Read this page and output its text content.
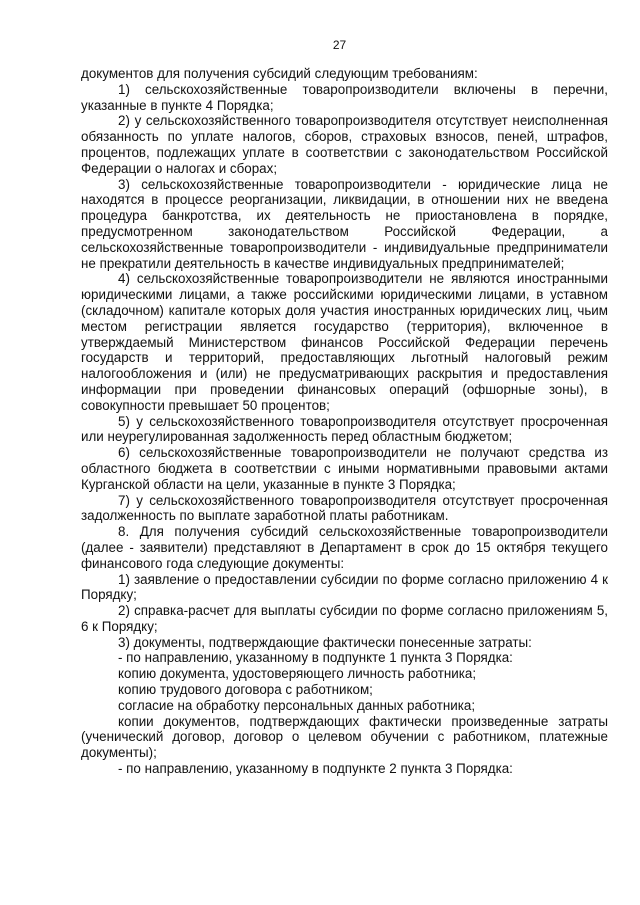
27

документов для получения субсидий следующим требованиям:

1) сельскохозяйственные товаропроизводители включены в перечни, указанные в пункте 4 Порядка;

2) у сельскохозяйственного товаропроизводителя отсутствует неисполненная обязанность по уплате налогов, сборов, страховых взносов, пеней, штрафов, процентов, подлежащих уплате в соответствии с законодательством Российской Федерации о налогах и сборах;

3) сельскохозяйственные товаропроизводители - юридические лица не находятся в процессе реорганизации, ликвидации, в отношении них не введена процедура банкротства, их деятельность не приостановлена в порядке, предусмотренном законодательством Российской Федерации, а сельскохозяйственные товаропроизводители - индивидуальные предприниматели не прекратили деятельность в качестве индивидуальных предпринимателей;

4) сельскохозяйственные товаропроизводители не являются иностранными юридическими лицами, а также российскими юридическими лицами, в уставном (складочном) капитале которых доля участия иностранных юридических лиц, чьим местом регистрации является государство (территория), включенное в утверждаемый Министерством финансов Российской Федерации перечень государств и территорий, предоставляющих льготный налоговый режим налогообложения и (или) не предусматривающих раскрытия и предоставления информации при проведении финансовых операций (офшорные зоны), в совокупности превышает 50 процентов;

5) у сельскохозяйственного товаропроизводителя отсутствует просроченная или неурегулированная задолженность перед областным бюджетом;

6) сельскохозяйственные товаропроизводители не получают средства из областного бюджета в соответствии с иными нормативными правовыми актами Курганской области на цели, указанные в пункте 3 Порядка;

7) у сельскохозяйственного товаропроизводителя отсутствует просроченная задолженность по выплате заработной платы работникам.

8. Для получения субсидий сельскохозяйственные товаропроизводители (далее - заявители) представляют в Департамент в срок до 15 октября текущего финансового года следующие документы:

1) заявление о предоставлении субсидии по форме согласно приложению 4 к Порядку;

2) справка-расчет для выплаты субсидии по форме согласно приложениям 5, 6 к Порядку;

3) документы, подтверждающие фактически понесенные затраты:

- по направлению, указанному в подпункте 1 пункта 3 Порядка:

копию документа, удостоверяющего личность работника;

копию трудового договора с работником;

согласие на обработку персональных данных работника;

копии документов, подтверждающих фактически произведенные затраты (ученический договор, договор о целевом обучении с работником, платежные документы);

- по направлению, указанному в подпункте 2 пункта 3 Порядка:
